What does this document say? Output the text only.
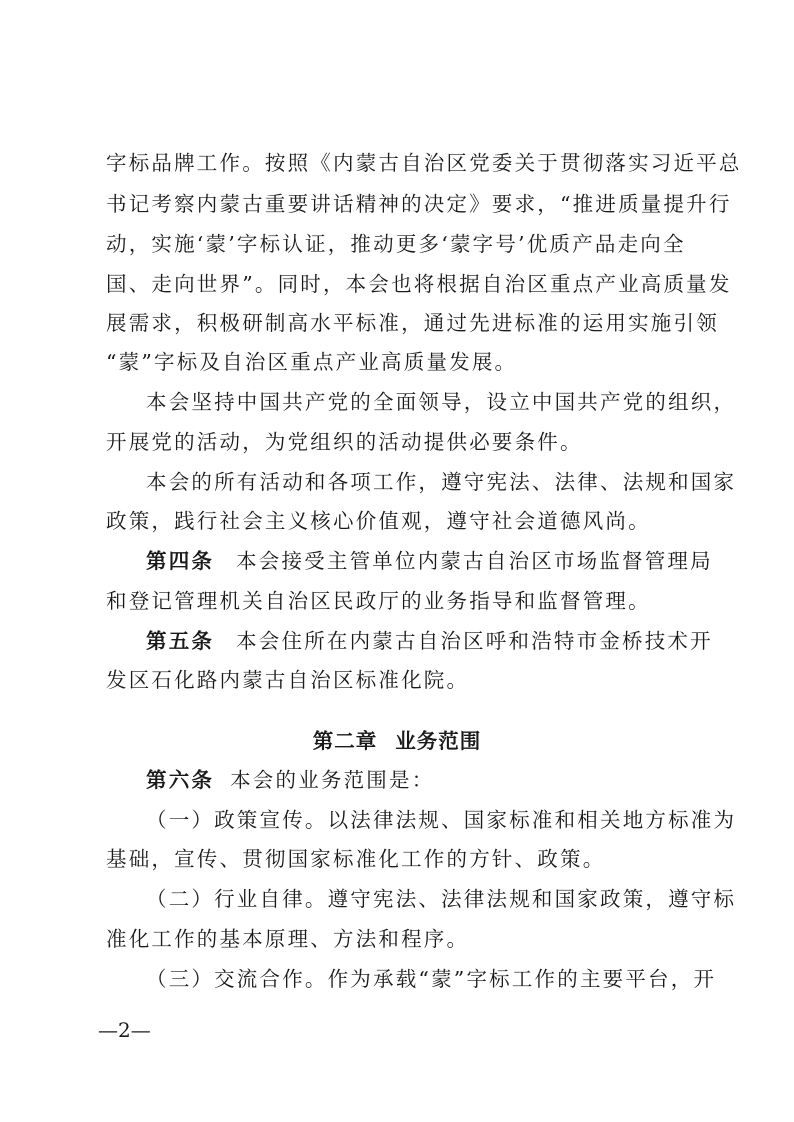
字标品牌工作。按照《内蒙古自治区党委关于贯彻落实习近平总
书记考察内蒙古重要讲话精神的决定》要求，“推进质量提升行
动，实施‘蒙’字标认证，推动更多‘蒙字号’优质产品走向全
国、走向世界”。同时，本会也将根据自治区重点产业高质量发
展需求，积极研制高水平标准，通过先进标准的运用实施引领
“蒙”字标及自治区重点产业高质量发展。
本会坚持中国共产党的全面领导，设立中国共产党的组织，
开展党的活动，为党组织的活动提供必要条件。
本会的所有活动和各项工作，遵守宪法、法律、法规和国家
政策，践行社会主义核心价值观，遵守社会道德风尚。
第四条 本会接受主管单位内蒙古自治区市场监督管理局
和登记管理机关自治区民政厅的业务指导和监督管理。
第五条 本会住所在内蒙古自治区呼和浩特市金桥技术开
发区石化路内蒙古自治区标准化院。
第二章 业务范围
第六条 本会的业务范围是：
（一）政策宣传。以法律法规、国家标准和相关地方标准为
基础，宣传、贯彻国家标准化工作的方针、政策。
（二）行业自律。遵守宪法、法律法规和国家政策，遵守标
准化工作的基本原理、方法和程序。
（三）交流合作。作为承载“蒙”字标工作的主要平台，开
—2—
